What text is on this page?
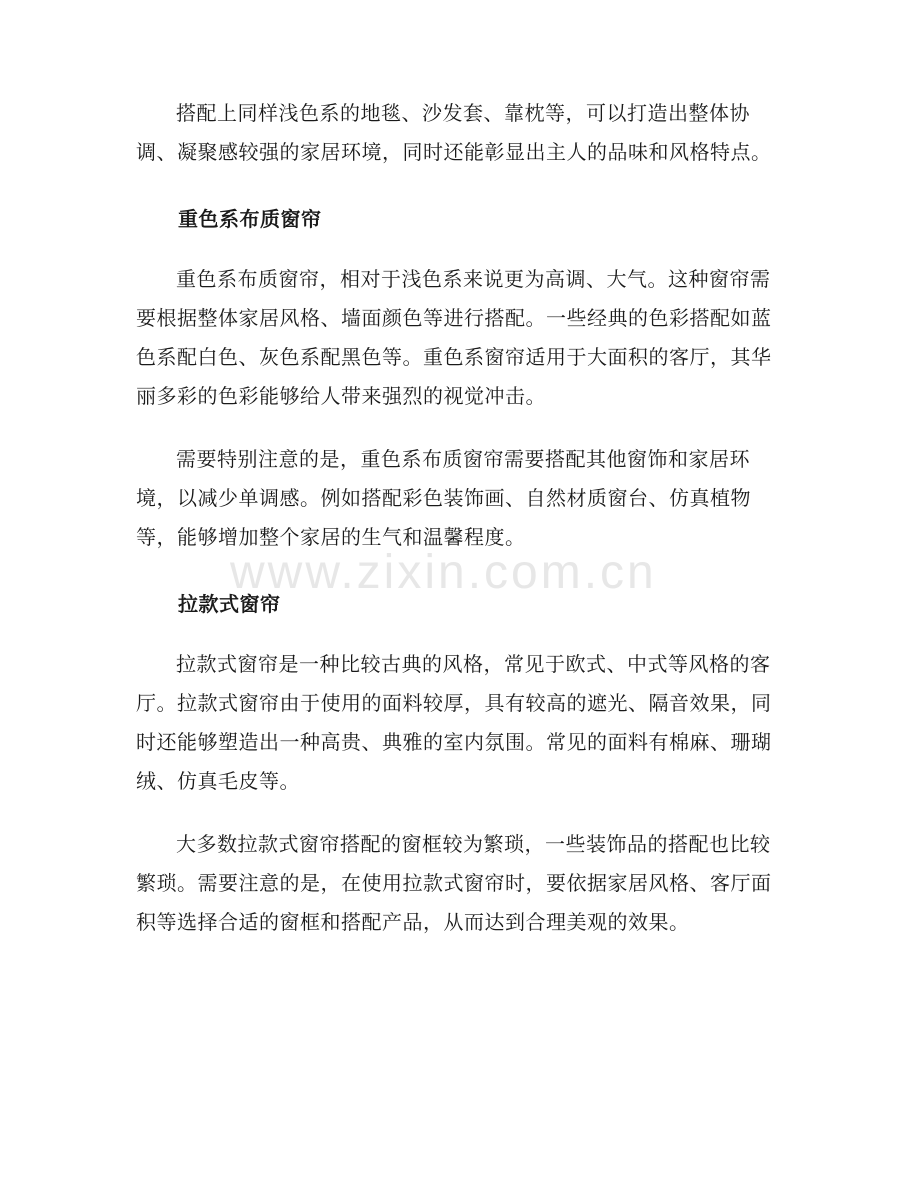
搭配上同样浅色系的地毯、沙发套、靠枕等，可以打造出整体协调、凝聚感较强的家居环境，同时还能彰显出主人的品味和风格特点。

重色系布质窗帘

重色系布质窗帘，相对于浅色系来说更为高调、大气。这种窗帘需要根据整体家居风格、墙面颜色等进行搭配。一些经典的色彩搭配如蓝色系配白色、灰色系配黑色等。重色系窗帘适用于大面积的客厅，其华丽多彩的色彩能够给人带来强烈的视觉冲击。

需要特别注意的是，重色系布质窗帘需要搭配其他窗饰和家居环境，以减少单调感。例如搭配彩色装饰画、自然材质窗台、仿真植物等，能够增加整个家居的生气和温馨程度。

拉款式窗帘

拉款式窗帘是一种比较古典的风格，常见于欧式、中式等风格的客厅。拉款式窗帘由于使用的面料较厚，具有较高的遮光、隔音效果，同时还能够塑造出一种高贵、典雅的室内氛围。常见的面料有棉麻、珊瑚绒、仿真毛皮等。

大多数拉款式窗帘搭配的窗框较为繁琐，一些装饰品的搭配也比较繁琐。需要注意的是，在使用拉款式窗帘时，要依据家居风格、客厅面积等选择合适的窗框和搭配产品，从而达到合理美观的效果。

www.zixin.com.cn
